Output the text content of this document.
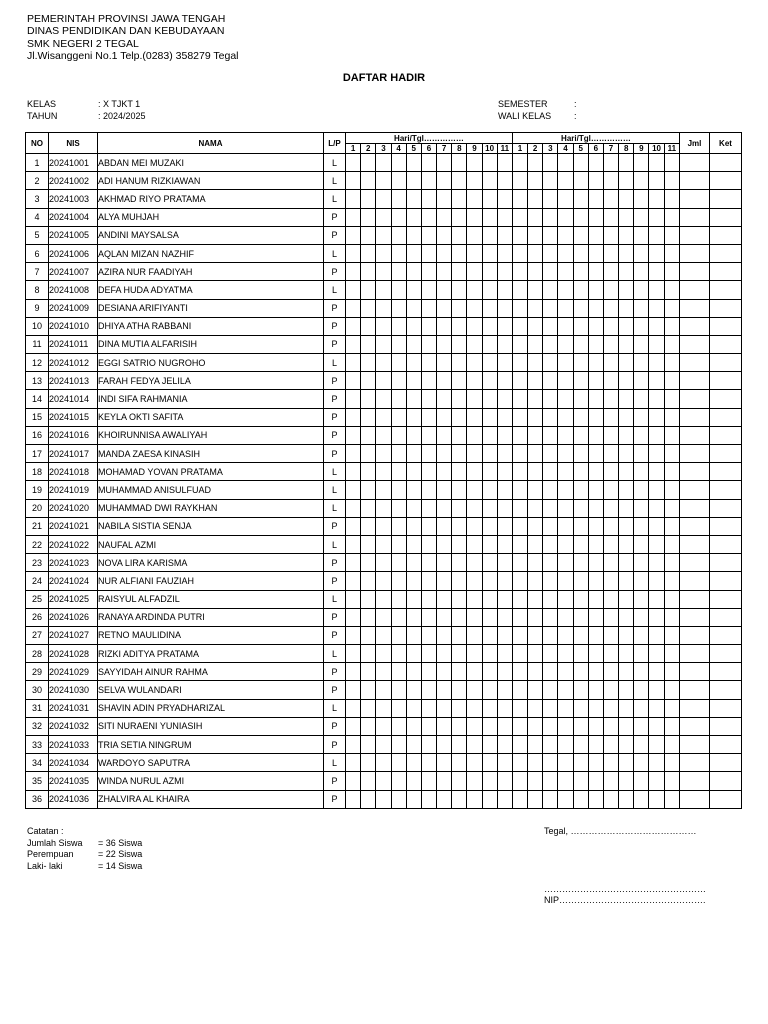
PEMERINTAH PROVINSI JAWA TENGAH
DINAS PENDIDIKAN DAN KEBUDAYAAN
SMK NEGERI 2 TEGAL
Jl.Wisanggeni No.1 Telp.(0283) 358279 Tegal
DAFTAR HADIR
KELAS	: X TJKT 1
TAHUN	: 2024/2025
SEMESTER	:
WALI KELAS	:
NO	NIS	NAMA	L/P	Hari/Tgl……………											Hari/Tgl……………											Jml	Ket
				1	2	3	4	5	6	7	8	9	10	11	1	2	3	4	5	6	7	8	9	10	11		
1	20241001	ABDAN MEI MUZAKI	L																								
2	20241002	ADI HANUM RIZKIAWAN	L																								
3	20241003	AKHMAD RIYO PRATAMA	L																								
4	20241004	ALYA MUHJAH	P																								
5	20241005	ANDINI MAYSALSA	P																								
6	20241006	AQLAN MIZAN NAZHIF	L																								
7	20241007	AZIRA NUR FAADIYAH	P																								
8	20241008	DEFA HUDA ADYATMA	L																								
9	20241009	DESIANA ARIFIYANTI	P																								
10	20241010	DHIYA ATHA RABBANI	P																								
11	20241011	DINA MUTIA ALFARISIH	P																								
12	20241012	EGGI SATRIO NUGROHO	L																								
13	20241013	FARAH FEDYA JELILA	P																								
14	20241014	INDI SIFA RAHMANIA	P																								
15	20241015	KEYLA OKTI SAFITA	P																								
16	20241016	KHOIRUNNISA AWALIYAH	P																								
17	20241017	MANDA ZAESA KINASIH	P																								
18	20241018	MOHAMAD YOVAN PRATAMA	L																								
19	20241019	MUHAMMAD ANISULFUAD	L																								
20	20241020	MUHAMMAD DWI RAYKHAN	L																								
21	20241021	NABILA SISTIA SENJA	P																								
22	20241022	NAUFAL AZMI	L																								
23	20241023	NOVA LIRA KARISMA	P																								
24	20241024	NUR ALFIANI FAUZIAH	P																								
25	20241025	RAISYUL ALFADZIL	L																								
26	20241026	RANAYA ARDINDA PUTRI	P																								
27	20241027	RETNO MAULIDINA	P																								
28	20241028	RIZKI ADITYA PRATAMA	L																								
29	20241029	SAYYIDAH AINUR RAHMA	P																								
30	20241030	SELVA WULANDARI	P																								
31	20241031	SHAVIN ADIN PRYADHARIZAL	L																								
32	20241032	SITI NURAENI YUNIASIH	P																								
33	20241033	TRIA SETIA NINGRUM	P																								
34	20241034	WARDOYO SAPUTRA	L																								
35	20241035	WINDA NURUL AZMI	P																								
36	20241036	ZHALVIRA AL KHAIRA	P																								
Catatan :
Jumlah Siswa = 36 Siswa
Perempuan	= 22 Siswa
Laki- laki	= 14 Siswa
Tegal, ……………………………………
………………………………………………
NIP………………………………………….
